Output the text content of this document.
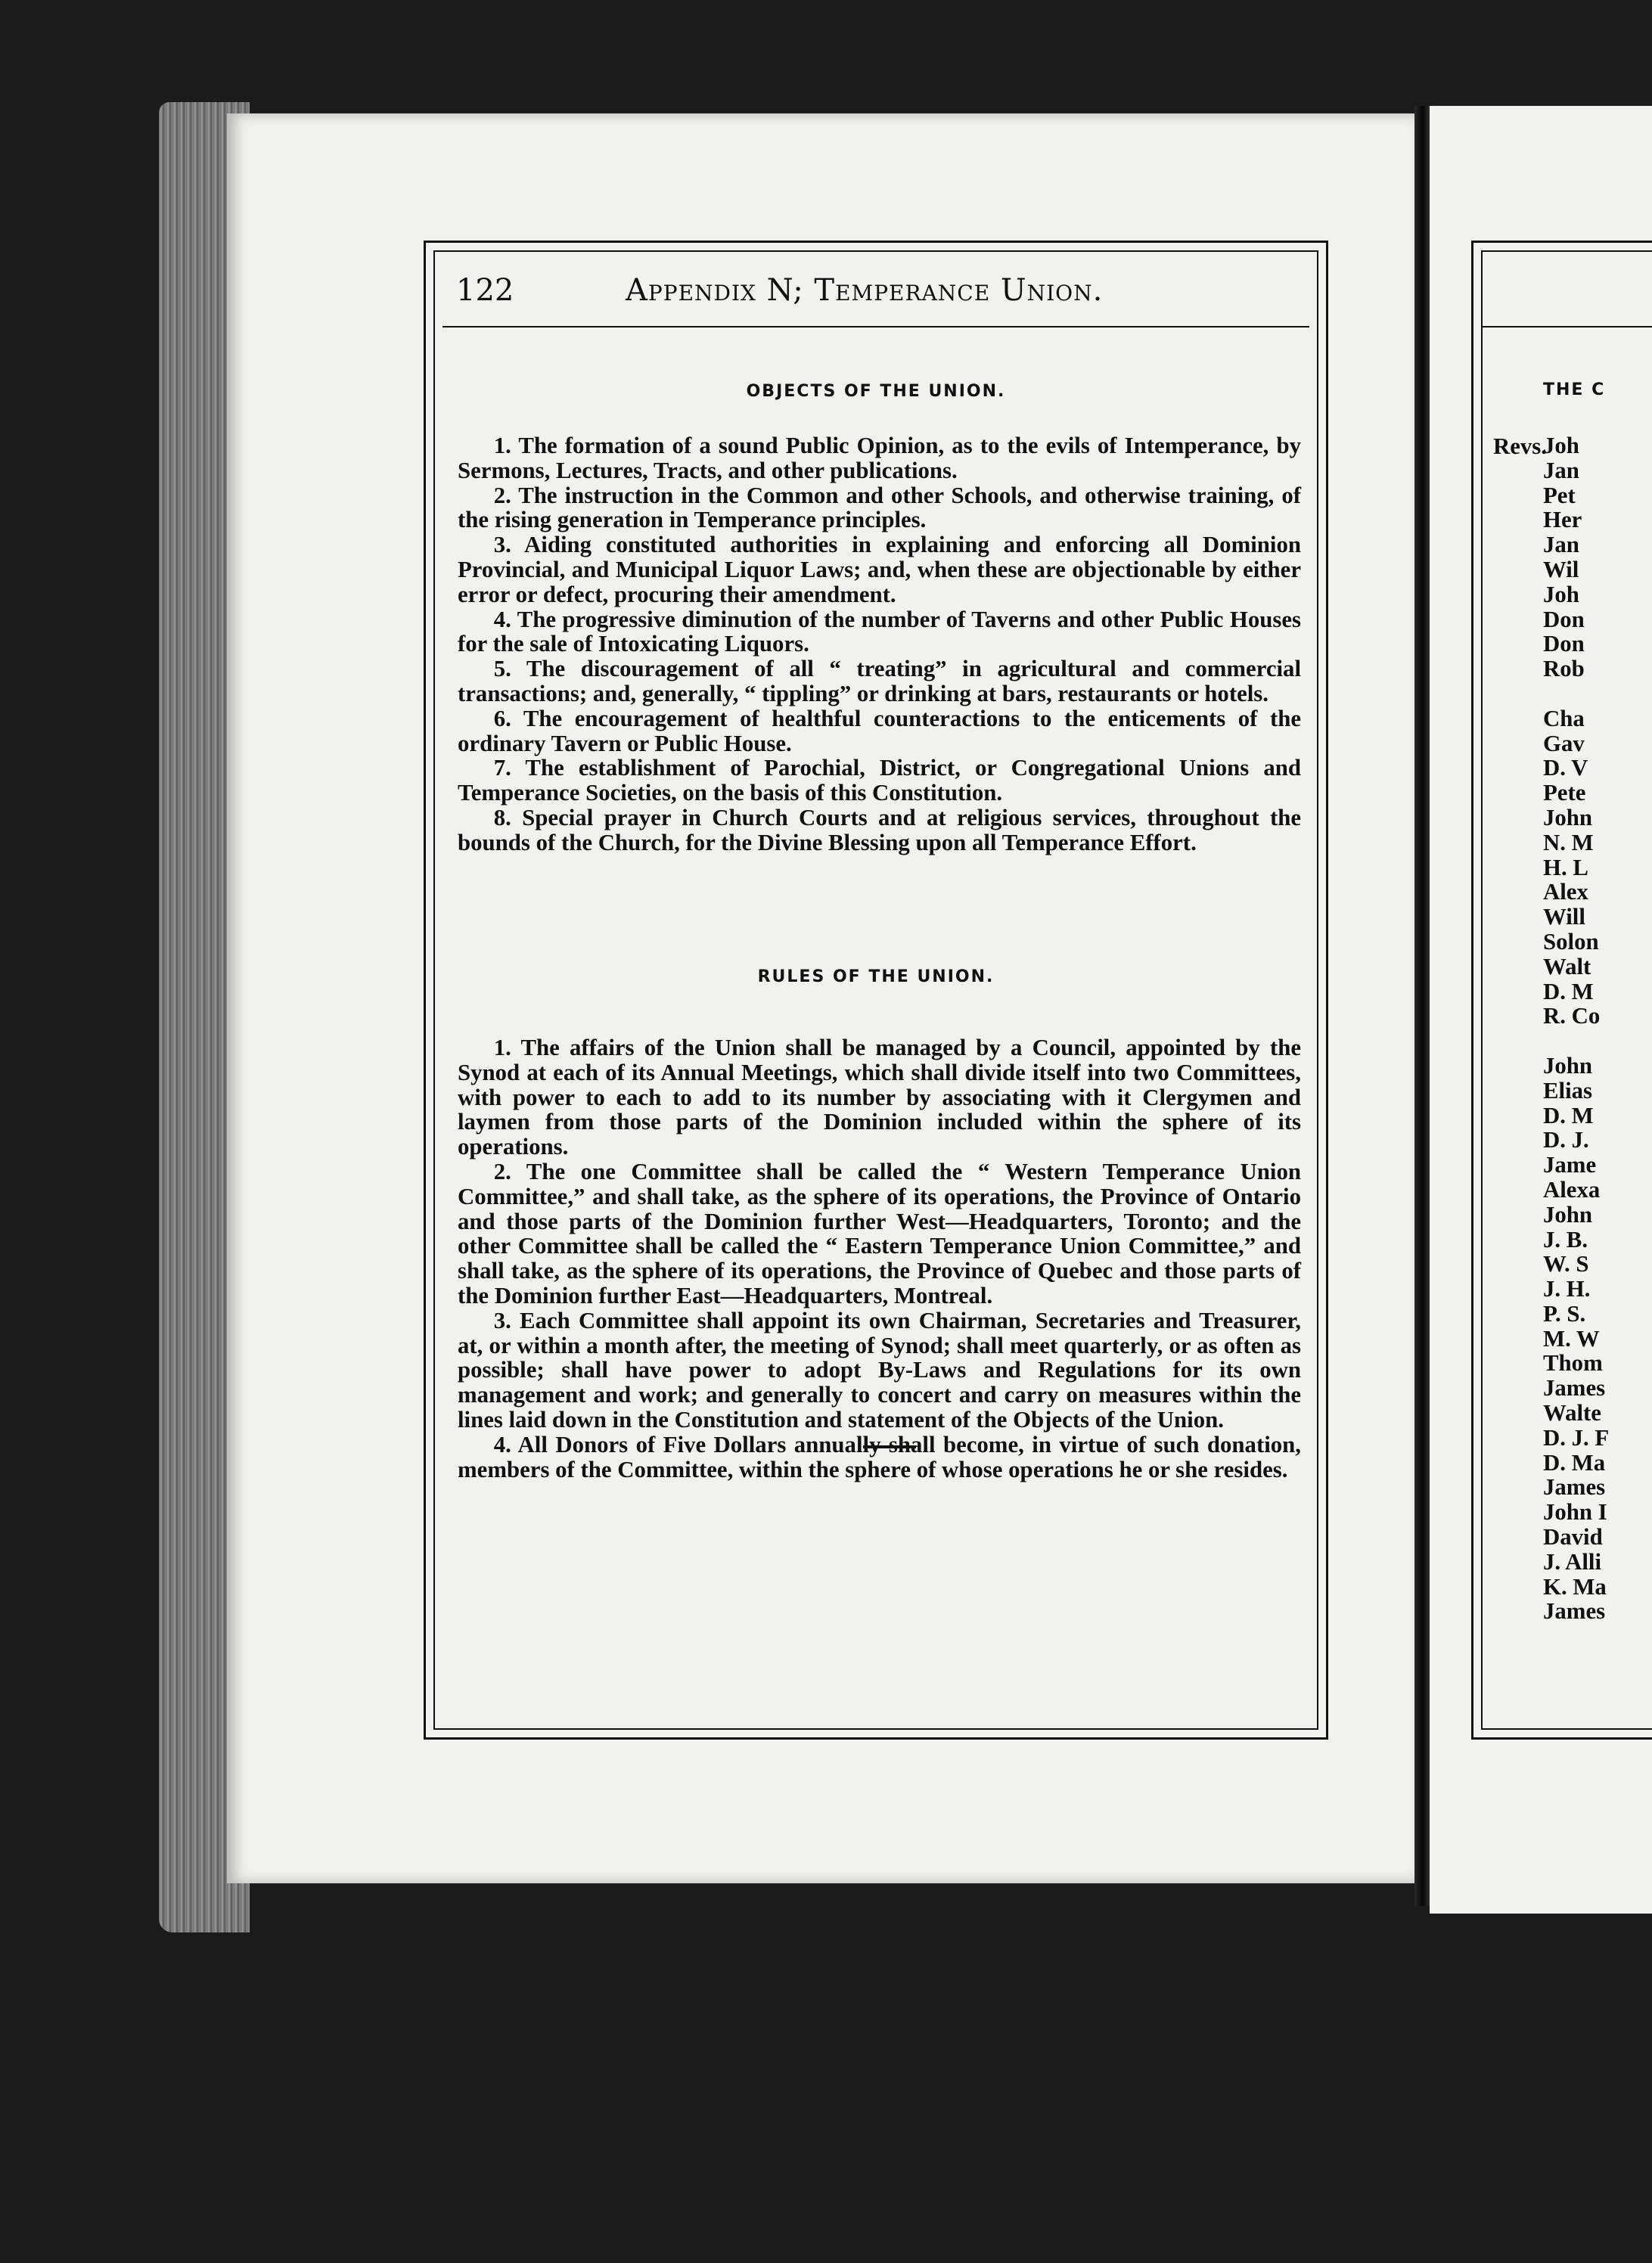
122	Appendix N; Temperance Union.
OBJECTS OF THE UNION.

1. The formation of a sound Public Opinion, as to the evils of Intemperance, by Sermons, Lectures, Tracts, and other publications.

2. The instruction in the Common and other Schools, and otherwise training, of the rising generation in Temperance principles.

3. Aiding constituted authorities in explaining and enforcing all Dominion Provincial, and Municipal Liquor Laws; and, when these are objectionable by either error or defect, procuring their amendment.

4. The progressive diminution of the number of Taverns and other Public Houses for the sale of Intoxicating Liquors.

5. The discouragement of all “ treating” in agricultural and commercial transactions; and, generally, “ tippling” or drinking at bars, restaurants or hotels.

6. The encouragement of healthful counteractions to the enticements of the ordinary Tavern or Public House.

7. The establishment of Parochial, District, or Congregational Unions and Temperance Societies, on the basis of this Constitution.

8. Special prayer in Church Courts and at religious services, throughout the bounds of the Church, for the Divine Blessing upon all Temperance Effort.

RULES OF THE UNION.

1. The affairs of the Union shall be managed by a Council, appointed by the Synod at each of its Annual Meetings, which shall divide itself into two Committees, with power to each to add to its number by associating with it Clergymen and laymen from those parts of the Dominion included within the sphere of its operations.

2. The one Committee shall be called the “ Western Temperance Union Committee,” and shall take, as the sphere of its operations, the Province of Ontario and those parts of the Dominion further West—Headquarters, Toronto; and the other Committee shall be called the “ Eastern Temperance Union Committee,” and shall take, as the sphere of its operations, the Province of Quebec and those parts of the Dominion further East—Headquarters, Montreal.

3. Each Committee shall appoint its own Chairman, Secretaries and Treasurer, at, or within a month after, the meeting of Synod; shall meet quarterly, or as often as possible; shall have power to adopt By-Laws and Regulations for its own management and work; and generally to concert and carry on measures within the lines laid down in the Constitution and statement of the Objects of the Union.

4. All Donors of Five Dollars annually shall become, in virtue of such donation, members of the Committee, within the sphere of whose operations he or she resides.

THE C
Revs.
Joh
Jan
Pet
Her
Jan
Wil
Joh
Don
Don
Rob
Cha
Gav
D. V
Pete
John
N. M
H. L
Alex
Will
Solon
Walt
D. M
R. Co
John
Elias
D. M
D. J.
Jame
Alexa
John
J. B.
W. S
J. H.
P. S.
M. W
Thom
James
Walte
D. J. F
D. Ma
James
John I
David
J. Alli
K. Ma
James
